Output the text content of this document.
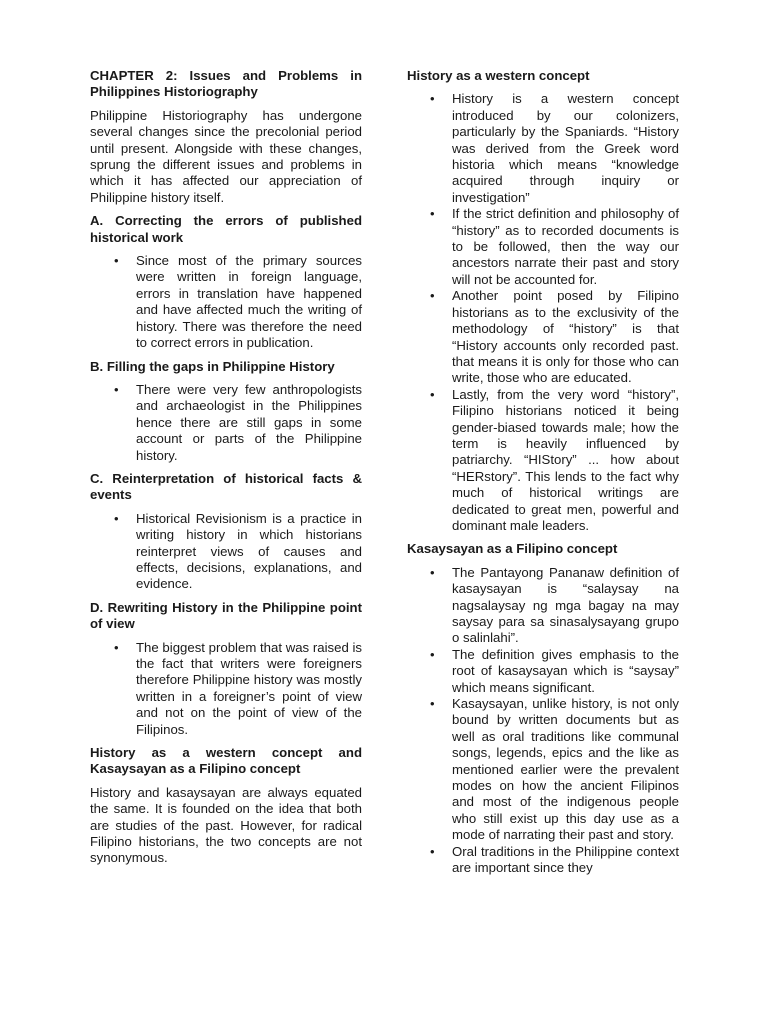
CHAPTER 2: Issues and Problems in Philippines Historiography
Philippine Historiography has undergone several changes since the precolonial period until present. Alongside with these changes, sprung the different issues and problems in which it has affected our appreciation of Philippine history itself.
A. Correcting the errors of published historical work
• Since most of the primary sources were written in foreign language, errors in translation have happened and have affected much the writing of history. There was therefore the need to correct errors in publication.
B. Filling the gaps in Philippine History
• There were very few anthropologists and archaeologist in the Philippines hence there are still gaps in some account or parts of the Philippine history.
C. Reinterpretation of historical facts & events
• Historical Revisionism is a practice in writing history in which historians reinterpret views of causes and effects, decisions, explanations, and evidence.
D. Rewriting History in the Philippine point of view
• The biggest problem that was raised is the fact that writers were foreigners therefore Philippine history was mostly written in a foreigner’s point of view and not on the point of view of the Filipinos.
History as a western concept and Kasaysayan as a Filipino concept
History and kasaysayan are always equated the same. It is founded on the idea that both are studies of the past. However, for radical Filipino historians, the two concepts are not synonymous.
History as a western concept
• History is a western concept introduced by our colonizers, particularly by the Spaniards. “History was derived from the Greek word historia which means “knowledge acquired through inquiry or investigation”
• If the strict definition and philosophy of “history” as to recorded documents is to be followed, then the way our ancestors narrate their past and story will not be accounted for.
• Another point posed by Filipino historians as to the exclusivity of the methodology of “history” is that “History accounts only recorded past. that means it is only for those who can write, those who are educated.
• Lastly, from the very word “history”, Filipino historians noticed it being gender-biased towards male; how the term is heavily influenced by patriarchy. “HIStory” ... how about “HERstory”. This lends to the fact why much of historical writings are dedicated to great men, powerful and dominant male leaders.
Kasaysayan as a Filipino concept
• The Pantayong Pananaw definition of kasaysayan is “salaysay na nagsalaysay ng mga bagay na may saysay para sa sinasalysayang grupo o salinlahi”.
• The definition gives emphasis to the root of kasaysayan which is “saysay” which means significant.
• Kasaysayan, unlike history, is not only bound by written documents but as well as oral traditions like communal songs, legends, epics and the like as mentioned earlier were the prevalent modes on how the ancient Filipinos and most of the indigenous people who still exist up this day use as a mode of narrating their past and story.
• Oral traditions in the Philippine context are important since they
